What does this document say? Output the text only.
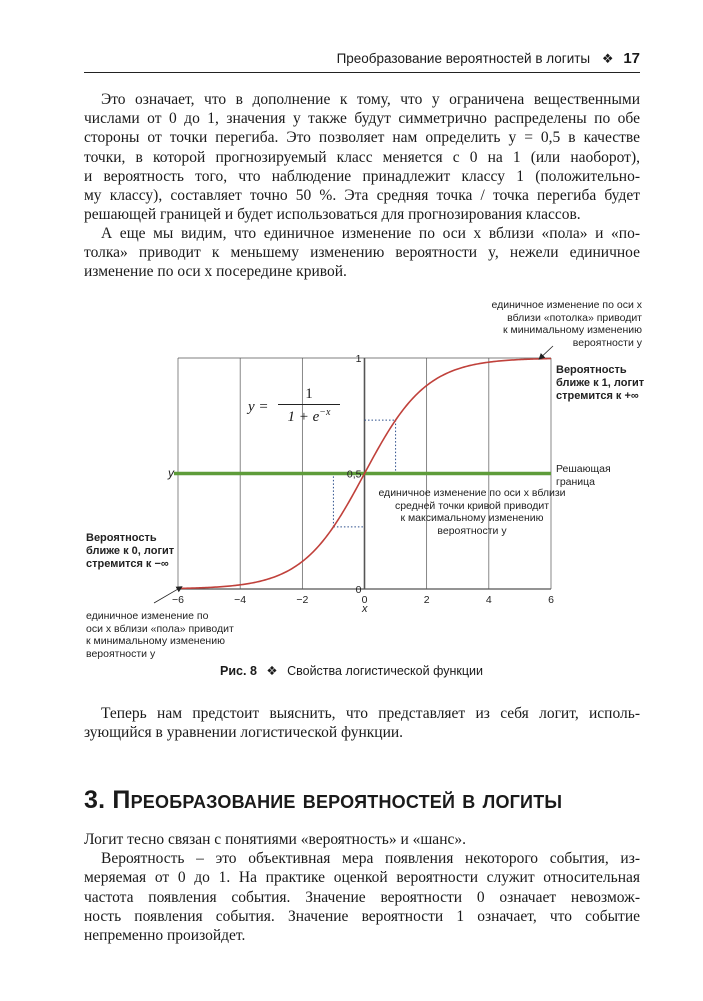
Преобразование вероятностей в логиты ❖ 17
Это означает, что в дополнение к тому, что y ограничена вещественными
числами от 0 до 1, значения y также будут симметрично распределены по обе
стороны от точки перегиба. Это позволяет нам определить y = 0,5 в качестве
точки, в которой прогнозируемый класс меняется с 0 на 1 (или наоборот),
и вероятность того, что наблюдение принадлежит классу 1 (положительно-
му классу), составляет точно 50 %. Эта средняя точка / точка перегиба будет
решающей границей и будет использоваться для прогнозирования классов.
А еще мы видим, что единичное изменение по оси x вблизи «пола» и «по-
толка» приводит к меньшему изменению вероятности y, нежели единичное
изменение по оси x посередине кривой.
−6	−4	−2	0	2	4	6
0
0,5
1
y =
1
$1 + e^{-x}$
единичное изменение по оси x
вблизи «потолка» приводит
к минимальному изменению
вероятности y
Вероятность
ближе к 1, логит
стремится к +∞
Решающая
граница
единичное изменение по оси x вблизи
средней точки кривой приводит
к максимальному изменению
вероятности y
Вероятность
ближе к 0, логит
стремится к −∞
единичное изменение по
оси x вблизи «пола» приводит
к минимальному изменению
вероятности y
y
x
Рис. 8 ❖ Свойства логистической функции
Теперь нам предстоит выяснить, что представляет из себя логит, исполь-
зующийся в уравнении логистической функции.
3. Преобразование вероятностей в логиты
Логит тесно связан с понятиями «вероятность» и «шанс».
Вероятность – это объективная мера появления некоторого события, из-
меряемая от 0 до 1. На практике оценкой вероятности служит относительная
частота появления события. Значение вероятности 0 означает невозмож-
ность появления события. Значение вероятности 1 означает, что событие
непременно произойдет.
